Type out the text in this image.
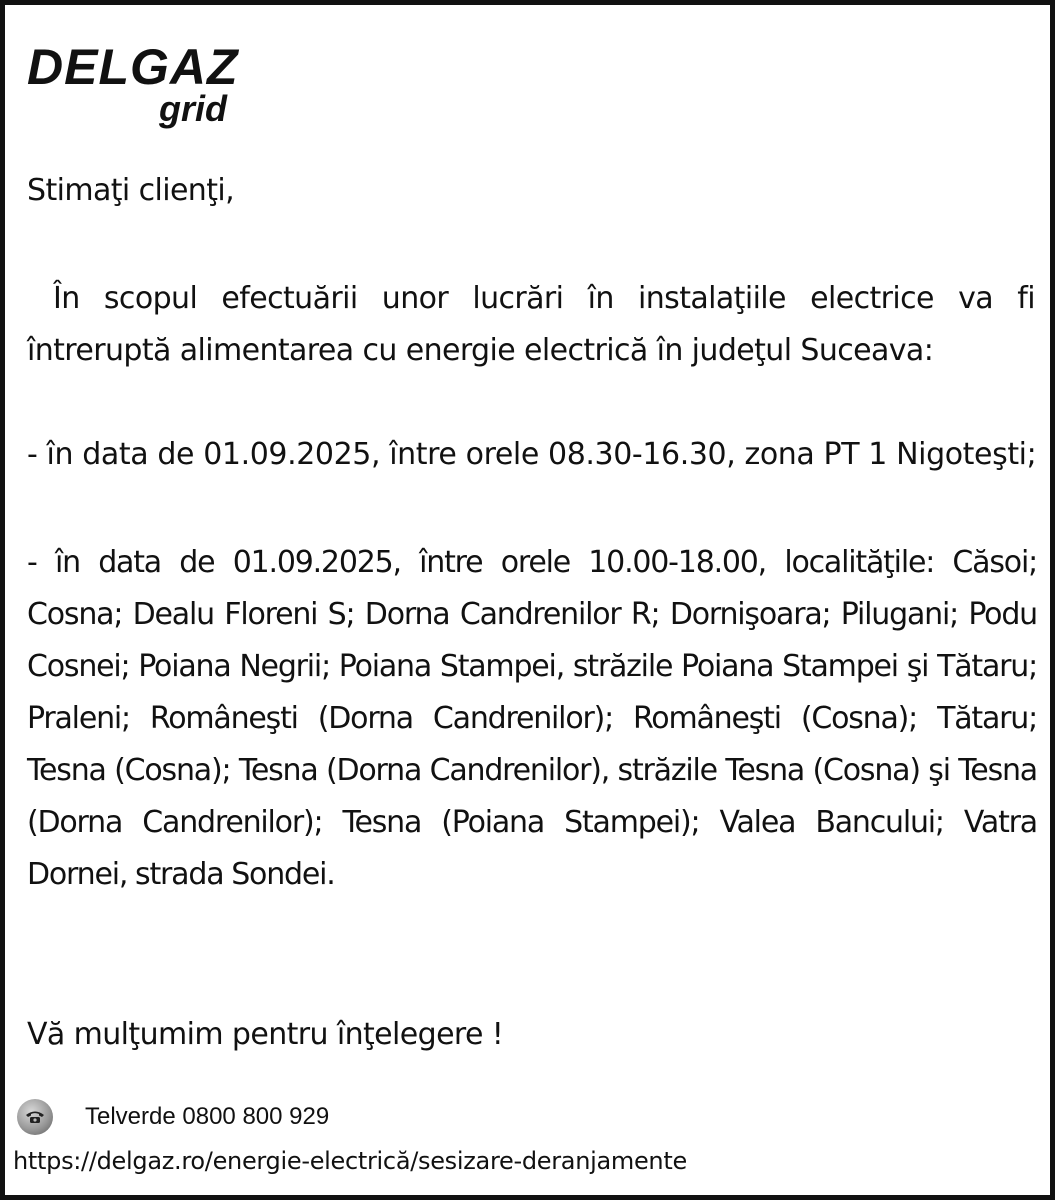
DELGAZ
grid
Stimaţi clienţi,
În scopul efectuării unor lucrări în instalaţiile electrice va fi întreruptă alimentarea cu energie electrică în judeţul Suceava:
- în data de 01.09.2025, între orele 08.30-16.30, zona PT 1 Nigoteşti;
- în data de 01.09.2025, între orele 10.00-18.00, localităţile: Căsoi; Cosna; Dealu Floreni S; Dorna Candrenilor R; Dornişoara; Pilugani; Podu Cosnei; Poiana Negrii; Poiana Stampei, străzile Poiana Stampei şi Tătaru; Praleni; Româneşti (Dorna Candrenilor); Româneşti (Cosna); Tătaru; Tesna (Cosna); Tesna (Dorna Candrenilor), străzile Tesna (Cosna) şi Tesna (Dorna Candrenilor); Tesna (Poiana Stampei); Valea Bancului; Vatra Dornei, strada Sondei.
Vă mulţumim pentru înţelegere !
Telverde 0800 800 929
https://delgaz.ro/energie-electrică/sesizare-deranjamente
